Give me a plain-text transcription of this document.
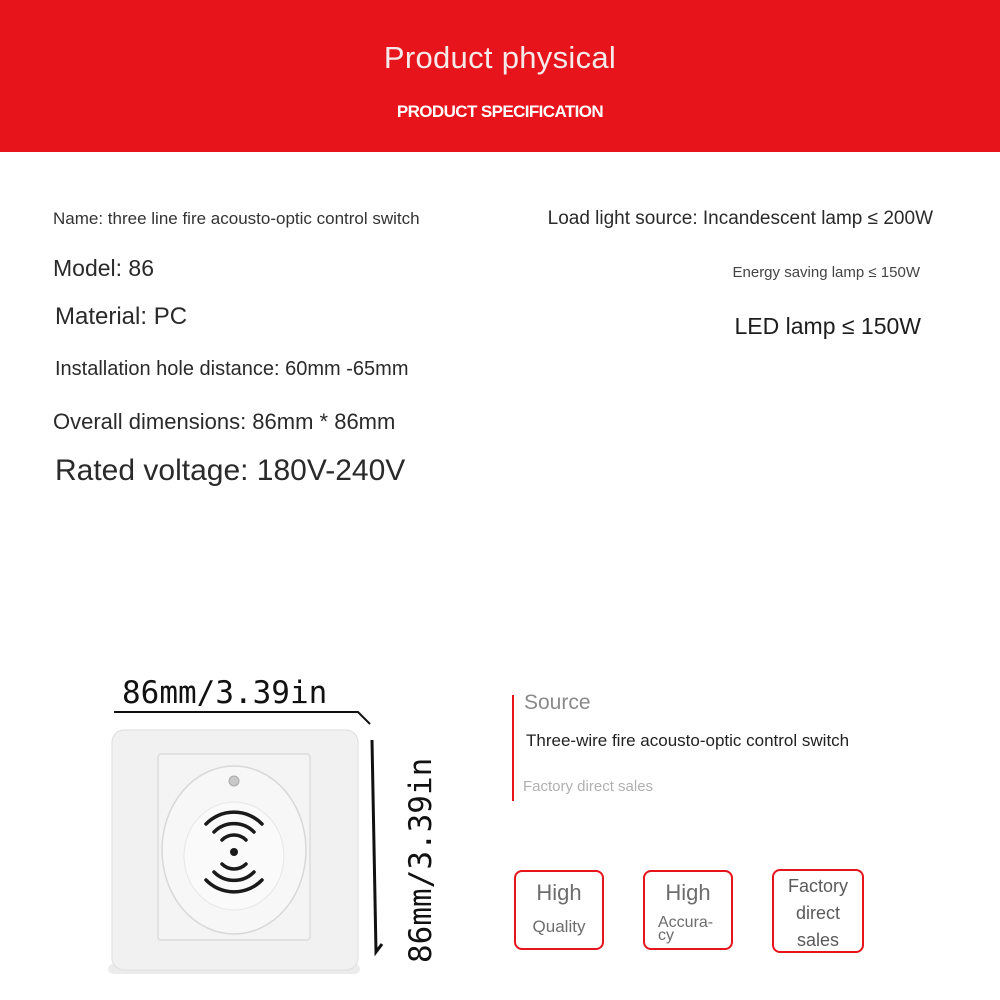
Product physical
PRODUCT SPECIFICATION
Name: three line fire acousto-optic control switch
Model: 86
Material: PC
Installation hole distance: 60mm -65mm
Overall dimensions: 86mm * 86mm
Rated voltage: 180V-240V
Load light source: Incandescent lamp ≤ 200W
Energy saving lamp ≤ 150W
LED lamp ≤ 150W
86mm/3.39in
86mm/3.39in
Source
Three-wire fire acousto-optic control switch
Factory direct sales
High
Quality
High
Accura-cy
Factory
direct
sales
